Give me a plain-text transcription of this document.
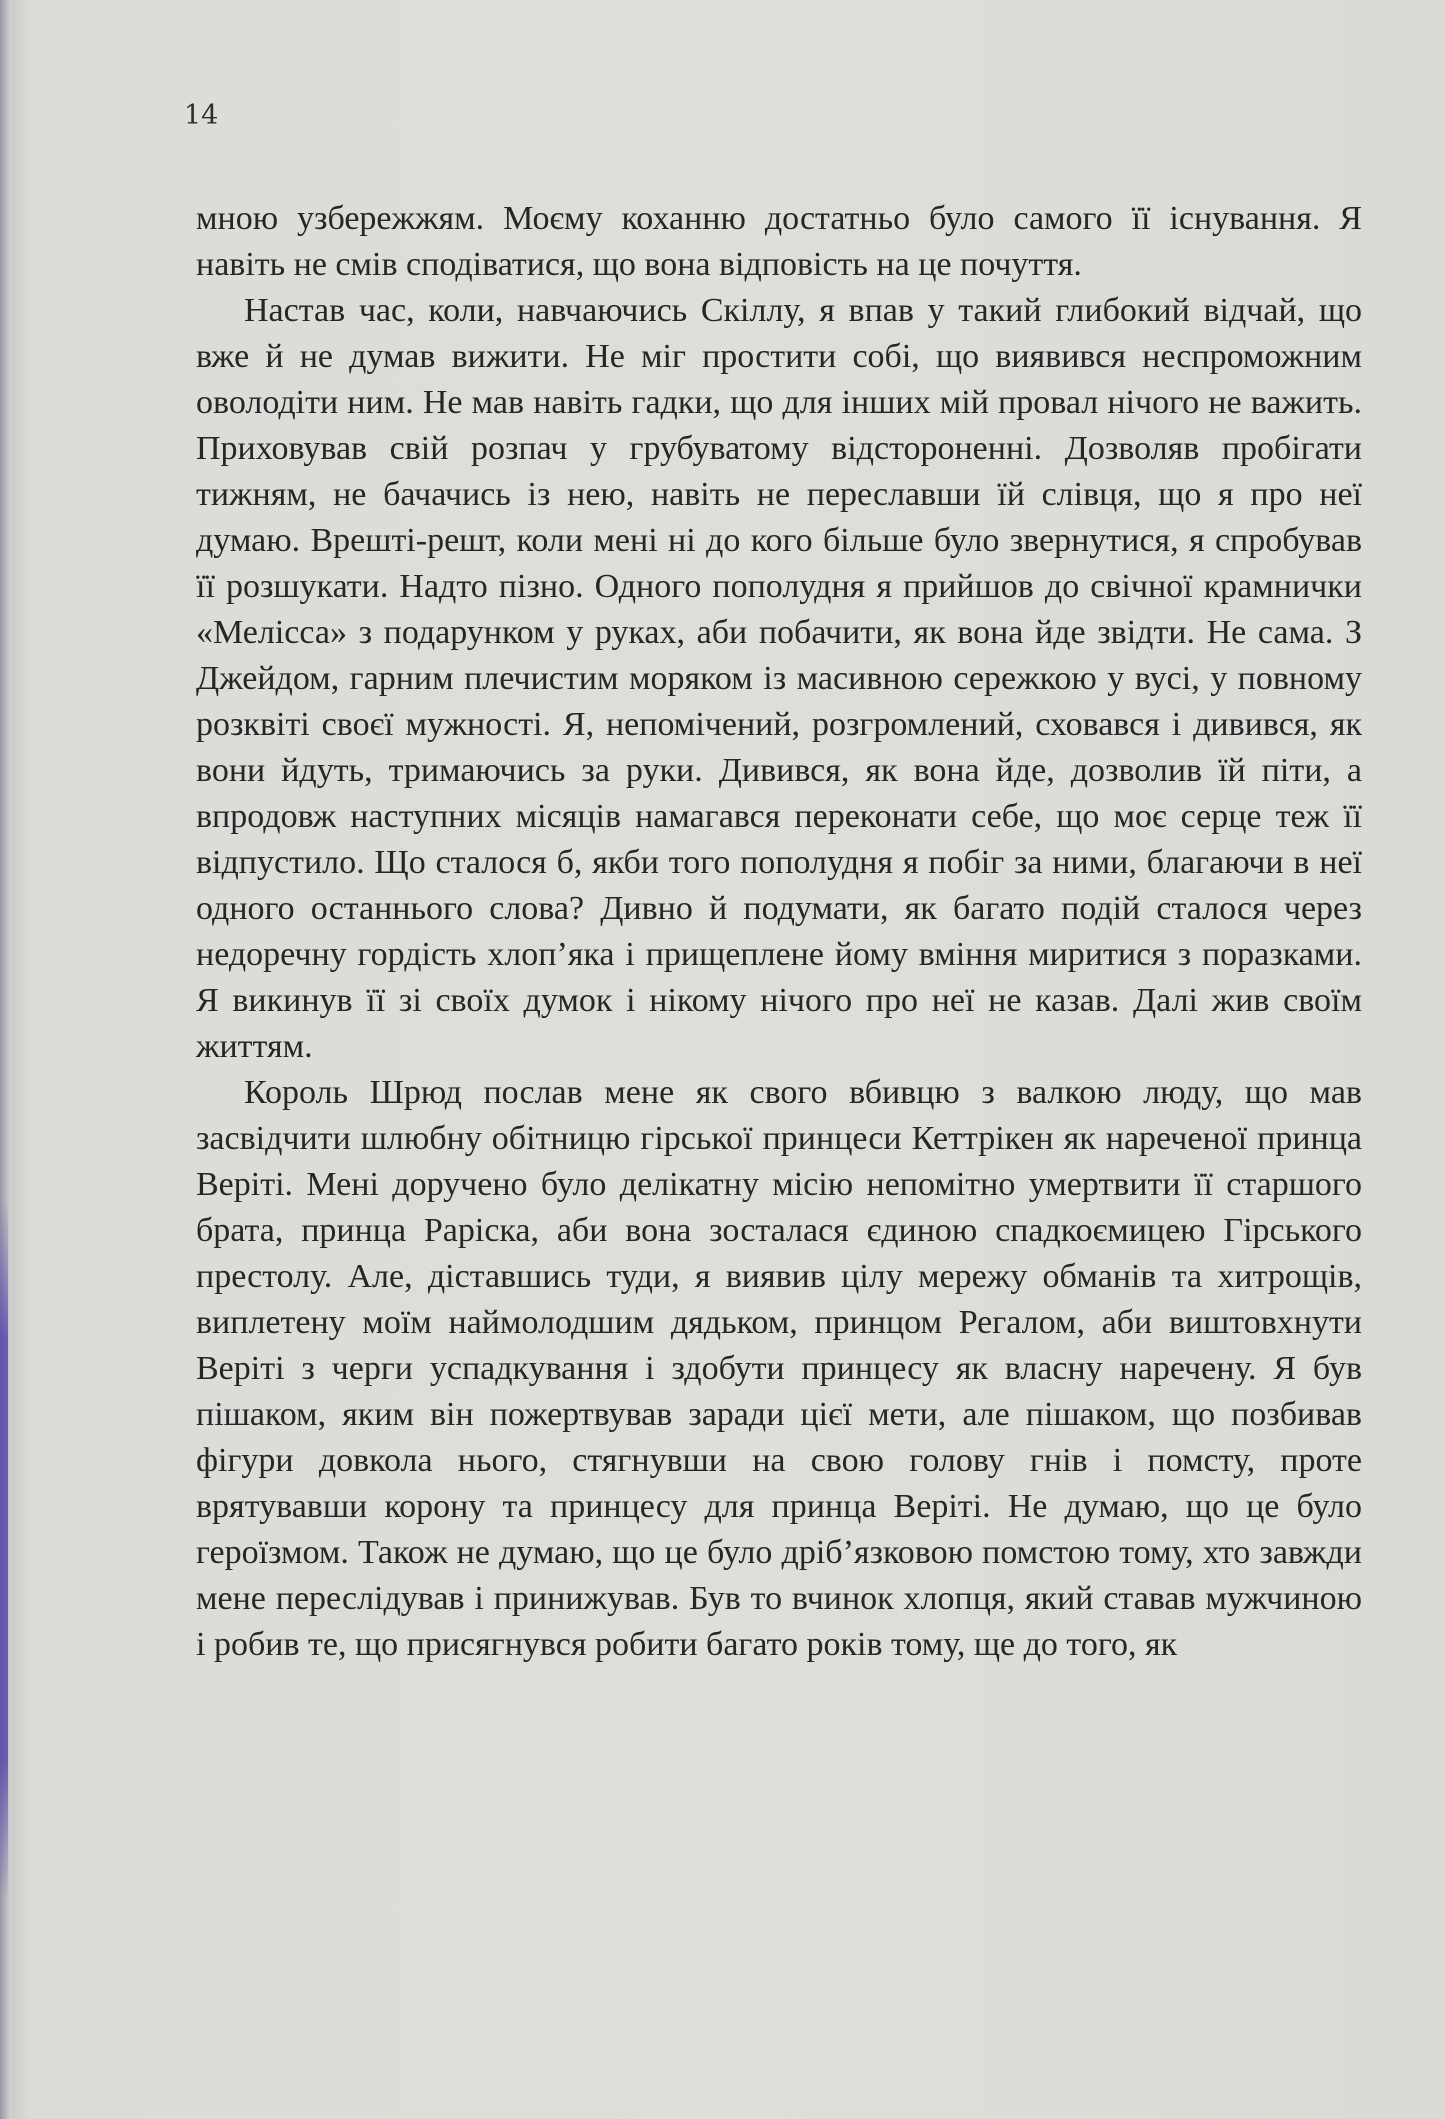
14

мною узбережжям. Моєму коханню достатньо було самого її існування. Я навіть не смів сподіватися, що вона відповість на це почуття.

Настав час, коли, навчаючись Скіллу, я впав у такий глибокий відчай, що вже й не думав вижити. Не міг простити собі, що виявився неспроможним оволодіти ним. Не мав навіть гадки, що для інших мій провал нічого не важить. Приховував свій розпач у грубуватому відстороненні. Дозволяв пробігати тижням, не бачачись із нею, навіть не переславши їй слівця, що я про неї думаю. Врешті-решт, коли мені ні до кого більше було звернутися, я спробував її розшукати. Надто пізно. Одного пополудня я прийшов до свічної крамнички «Мелісса» з подарунком у руках, аби побачити, як вона йде звідти. Не сама. З Джейдом, гарним плечистим моряком із масивною сережкою у вусі, у повному розквіті своєї мужності. Я, непомічений, розгромлений, сховався і дивився, як вони йдуть, тримаючись за руки. Дивився, як вона йде, дозволив їй піти, а впродовж наступних місяців намагався переконати себе, що моє серце теж її відпустило. Що сталося б, якби того пополудня я побіг за ними, благаючи в неї одного останнього слова? Дивно й подумати, як багато подій сталося через недоречну гордість хлоп’яка і прищеплене йому вміння миритися з поразками. Я викинув її зі своїх думок і нікому нічого про неї не казав. Далі жив своїм життям.

Король Шрюд послав мене як свого вбивцю з валкою люду, що мав засвідчити шлюбну обітницю гірської принцеси Кеттрікен як нареченої принца Веріті. Мені доручено було делікатну місію непомітно умертвити її старшого брата, принца Раріска, аби вона зосталася єдиною спадкоємицею Гірського престолу. Але, діставшись туди, я виявив цілу мережу обманів та хитрощів, виплетену моїм наймолодшим дядьком, принцом Регалом, аби виштовхнути Веріті з черги успадкування і здобути принцесу як власну наречену. Я був пішаком, яким він пожертвував заради цієї мети, але пішаком, що позбивав фігури довкола нього, стягнувши на свою голову гнів і помсту, проте врятувавши корону та принцесу для принца Веріті. Не думаю, що це було героїзмом. Також не думаю, що це було дріб’язковою помстою тому, хто завжди мене переслідував і принижував. Був то вчинок хлопця, який ставав мужчиною і робив те, що присягнувся робити багато років тому, ще до того, як
